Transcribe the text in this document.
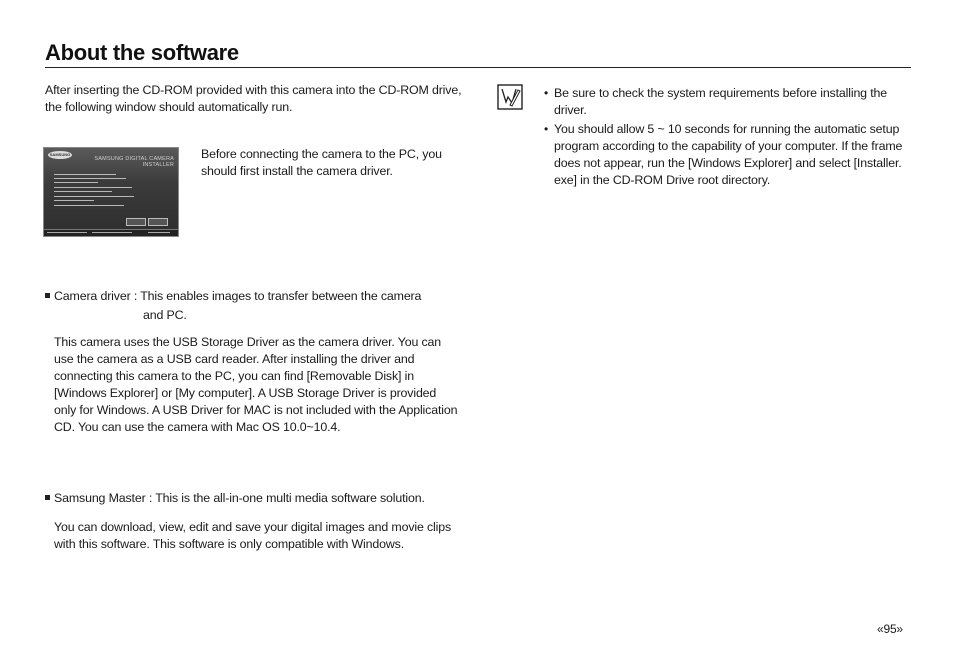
About the software
After inserting the CD-ROM provided with this camera into the CD-ROM drive, the following window should automatically run.
SAMSUNG
SAMSUNG DIGITAL CAMERA
INSTALLER
Before connecting the camera to the PC, you should first install the camera driver.
Camera driver : This enables images to transfer between the camera
and PC.
This camera uses the USB Storage Driver as the camera driver. You can use the camera as a USB card reader. After installing the driver and connecting this camera to the PC, you can find [Removable Disk] in [Windows Explorer] or [My computer]. A USB Storage Driver is provided only for Windows. A USB Driver for MAC is not included with the Application CD. You can use the camera with Mac OS 10.0~10.4.
Samsung Master : This is the all-in-one multi media software solution.
You can download, view, edit and save your digital images and movie clips with this software. This software is only compatible with Windows.
• Be sure to check the system requirements before installing the driver.
• You should allow 5 ~ 10 seconds for running the automatic setup program according to the capability of your computer. If the frame does not appear, run the [Windows Explorer] and select [Installer. exe] in the CD-ROM Drive root directory.
«95»
